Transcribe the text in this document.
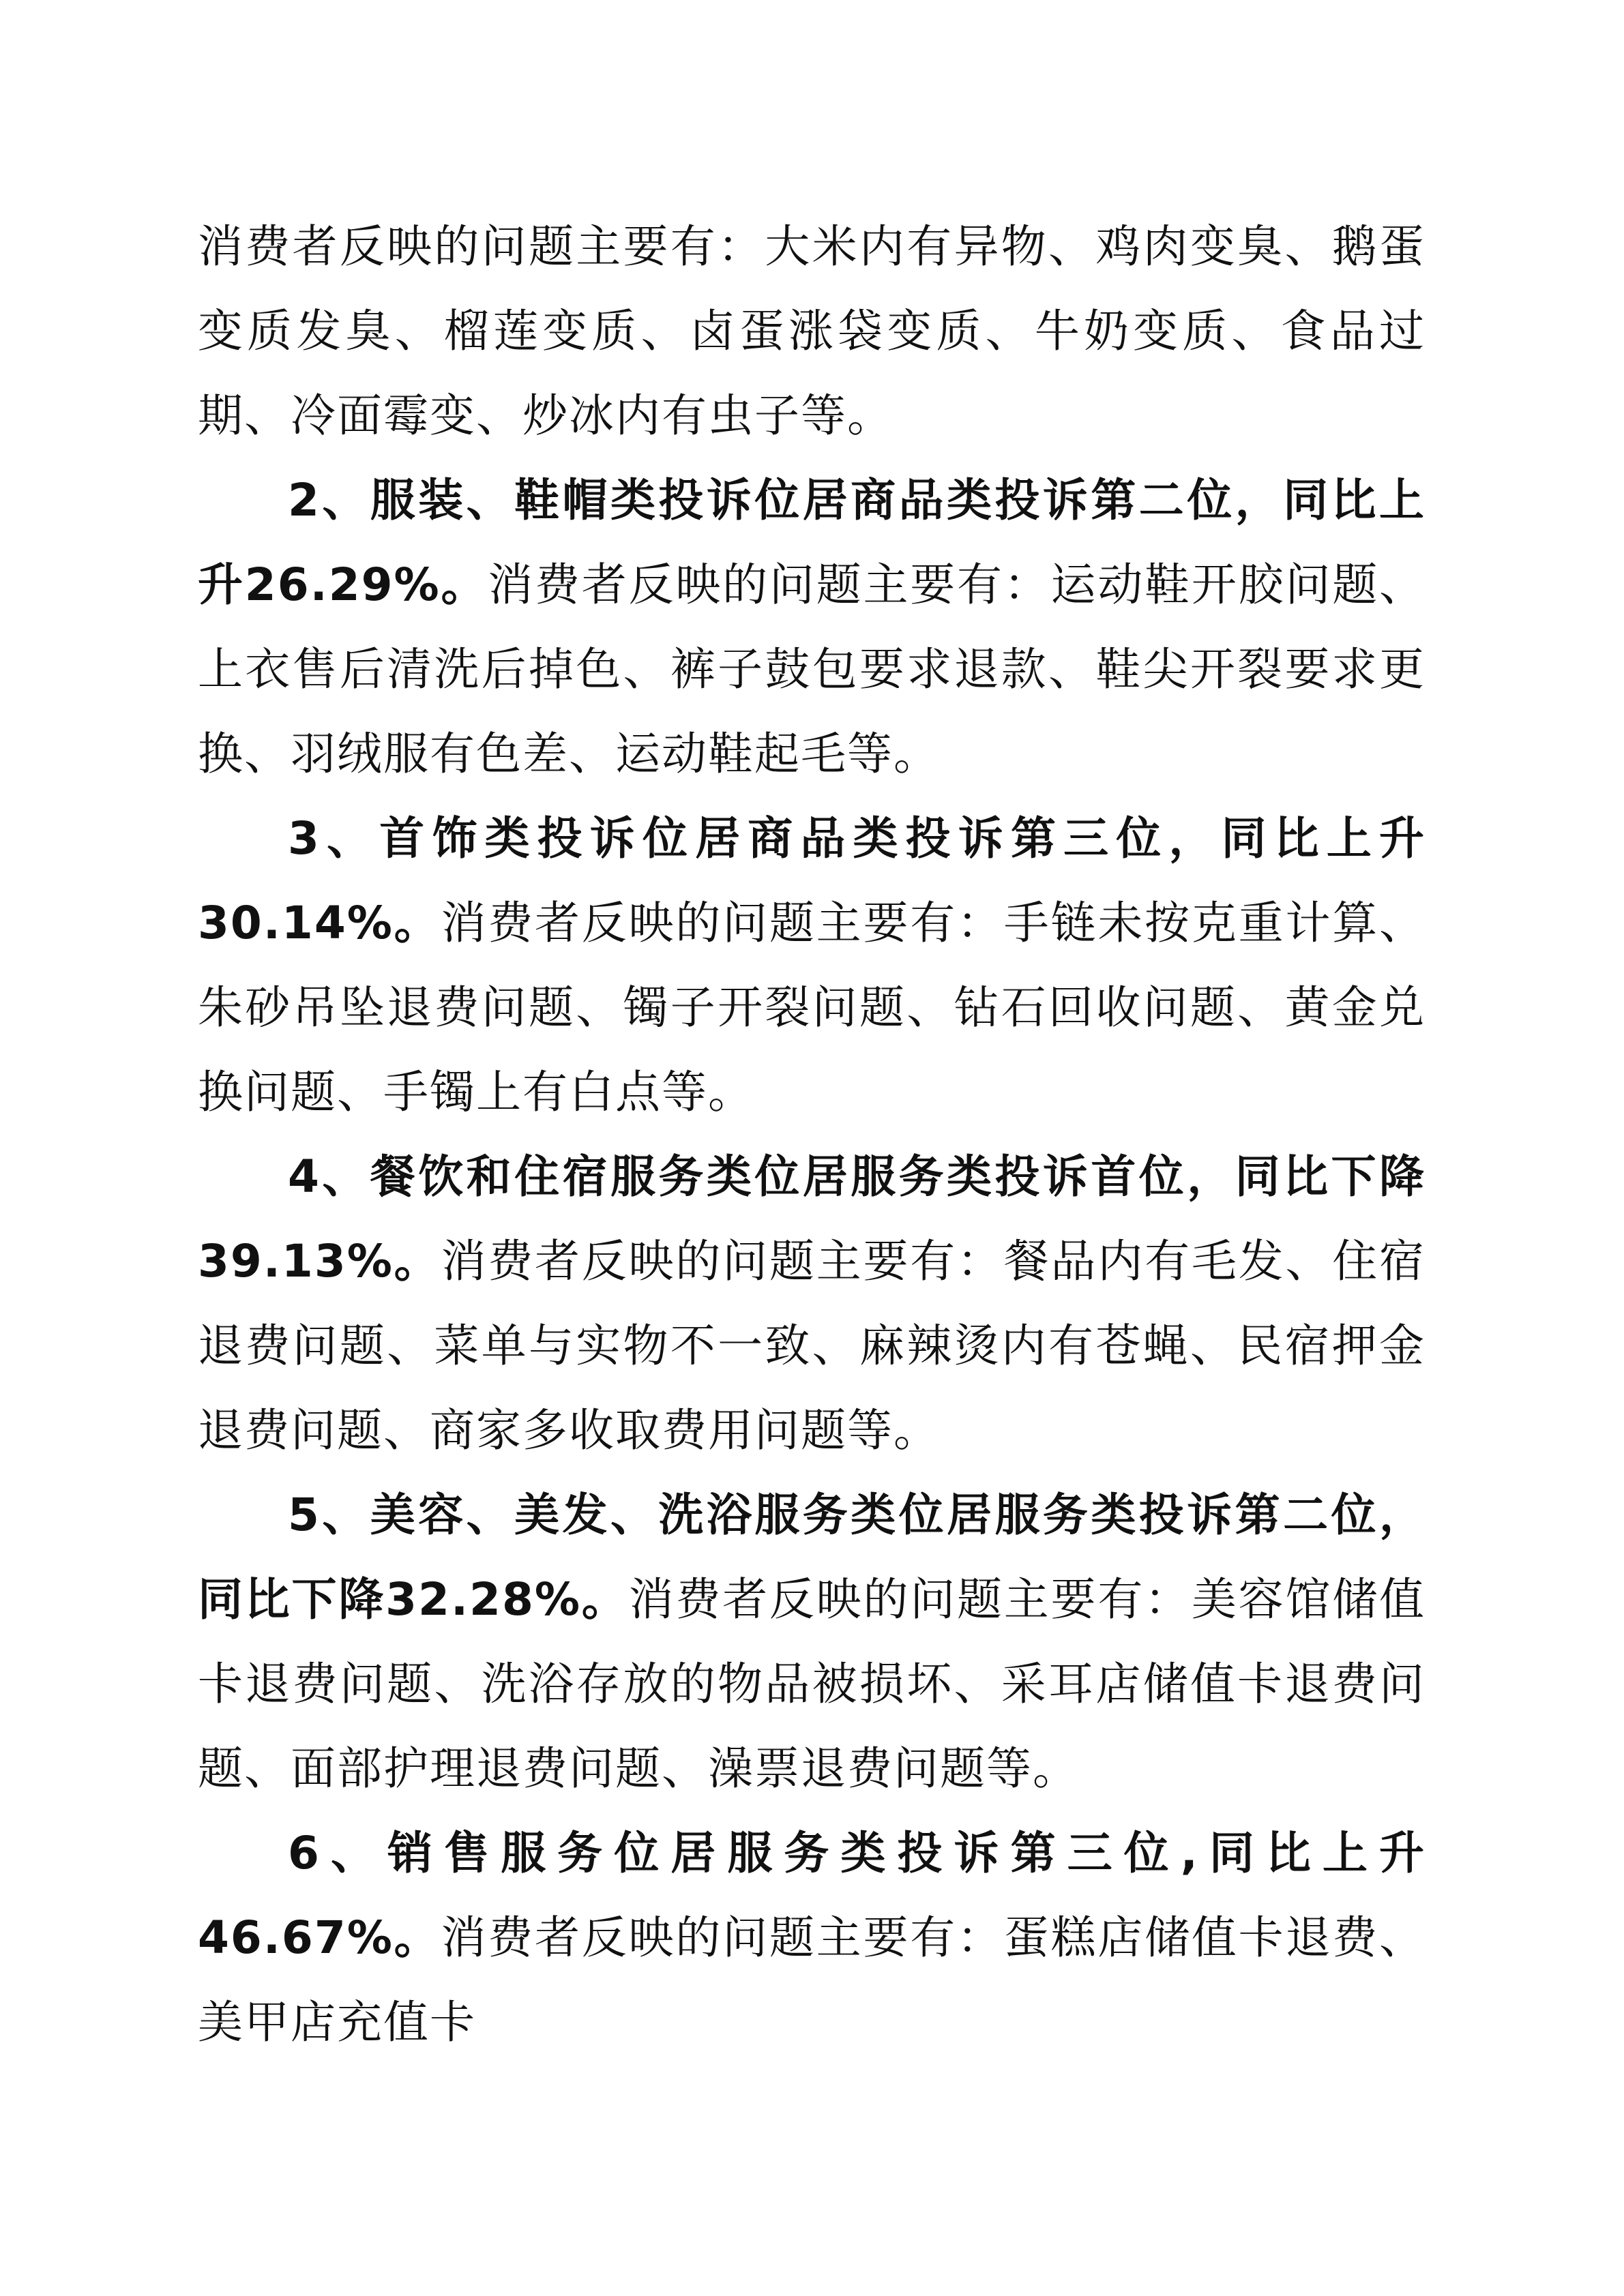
消费者反映的问题主要有：大米内有异物、鸡肉变臭、鹅蛋变质发臭、榴莲变质、卤蛋涨袋变质、牛奶变质、食品过期、冷面霉变、炒冰内有虫子等。

2、服装、鞋帽类投诉位居商品类投诉第二位，同比上升26.29%。消费者反映的问题主要有：运动鞋开胶问题、上衣售后清洗后掉色、裤子鼓包要求退款、鞋尖开裂要求更换、羽绒服有色差、运动鞋起毛等。

3、首饰类投诉位居商品类投诉第三位，同比上升30.14%。消费者反映的问题主要有：手链未按克重计算、朱砂吊坠退费问题、镯子开裂问题、钻石回收问题、黄金兑换问题、手镯上有白点等。

4、餐饮和住宿服务类位居服务类投诉首位，同比下降39.13%。消费者反映的问题主要有：餐品内有毛发、住宿退费问题、菜单与实物不一致、麻辣烫内有苍蝇、民宿押金退费问题、商家多收取费用问题等。

5、美容、美发、洗浴服务类位居服务类投诉第二位，同比下降32.28%。消费者反映的问题主要有：美容馆储值卡退费问题、洗浴存放的物品被损坏、采耳店储值卡退费问题、面部护理退费问题、澡票退费问题等。

6、销售服务位居服务类投诉第三位,同比上升46.67%。消费者反映的问题主要有：蛋糕店储值卡退费、美甲店充值卡
